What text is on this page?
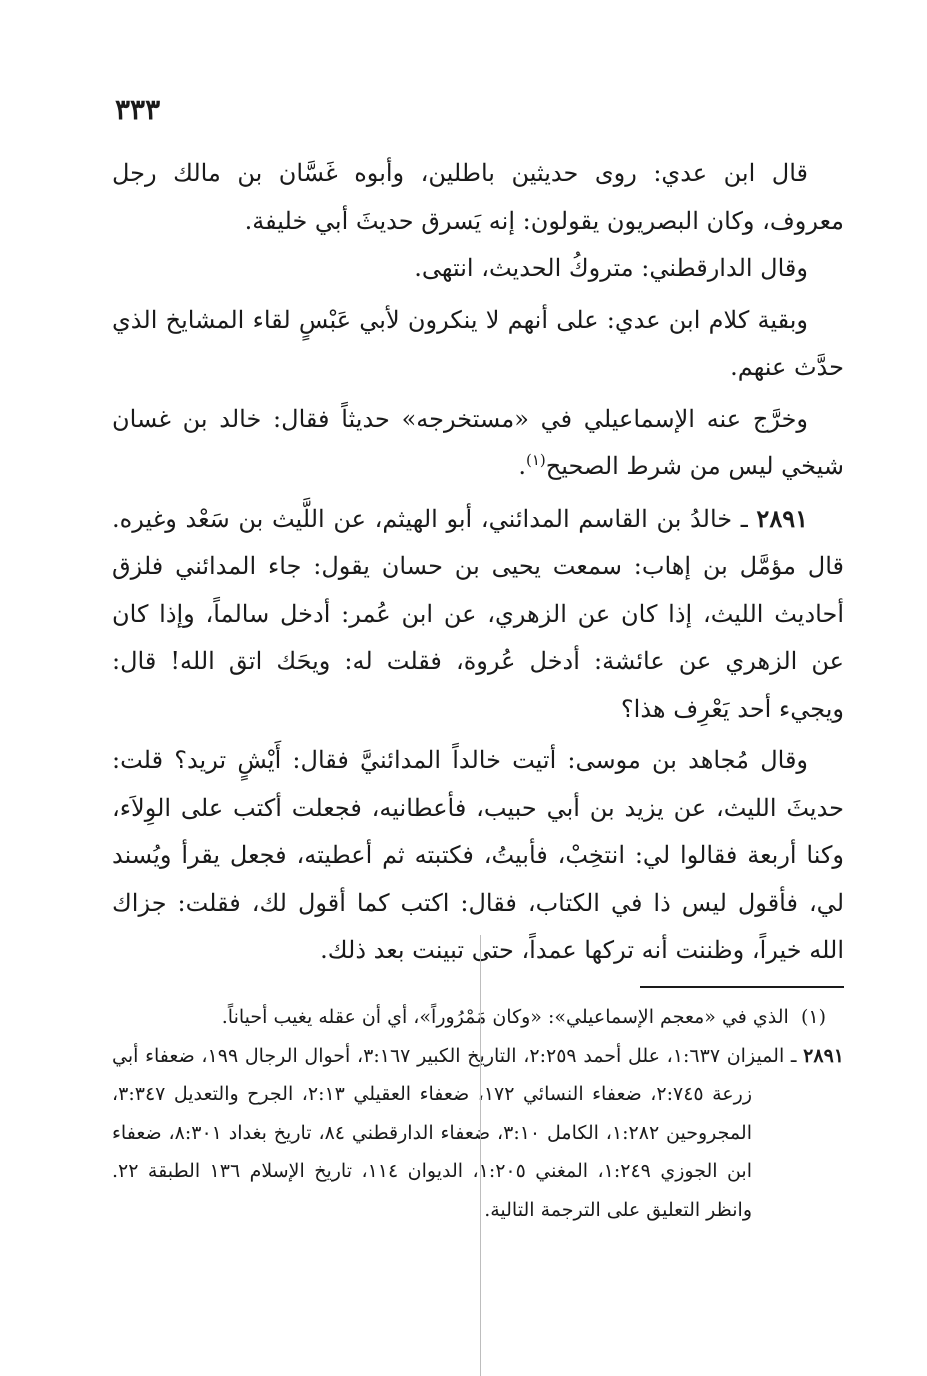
٣٣٣

قال ابن عدي: روى حديثين باطلين، وأبوه غَسَّان بن مالك رجل معروف، وكان البصريون يقولون: إنه يَسرق حديثَ أبي خليفة.

وقال الدارقطني: متروكُ الحديث، انتهى.

وبقية كلام ابن عدي: على أنهم لا ينكرون لأبي عَبْسٍ لقاء المشايخ الذي حدَّث عنهم.

وخرَّج عنه الإسماعيلي في «مستخرجه» حديثاً فقال: خالد بن غسان شيخي ليس من شرط الصحيح$^{(١)}$.

٢٨٩١ ـ خالدُ بن القاسم المدائني، أبو الهيثم، عن اللَّيث بن سَعْد وغيره. قال مؤمَّل بن إهاب: سمعت يحيى بن حسان يقول: جاء المدائني فلزق أحاديث الليث، إذا كان عن الزهري، عن ابن عُمر: أدخل سالماً، وإذا كان عن الزهري عن عائشة: أدخل عُروة، فقلت له: ويحَك اتق الله! قال: ويجيء أحد يَعْرِف هذا؟

وقال مُجاهد بن موسى: أتيت خالداً المدائنيَّ فقال: أَيْشٍ تريد؟ قلت: حديثَ الليث، عن يزيد بن أبي حبيب، فأعطانيه، فجعلت أكتب على الوِلاَء، وكنا أربعة فقالوا لي: انتخِبْ، فأبيتُ، فكتبته ثم أعطيته، فجعل يقرأ ويُسند لي، فأقول ليس ذا في الكتاب، فقال: اكتب كما أقول لك، فقلت: جزاك الله خيراً، وظننت أنه تركها عمداً، حتى تبينت بعد ذلك.

(١)  الذي في «معجم الإسماعيلي»: «وكان مَمْرُوراً»، أي أن عقله يغيب أحياناً.

٢٨٩١ ـ الميزان ١:٦٣٧، علل أحمد ٢:٢٥٩، التاريخ الكبير ٣:١٦٧، أحوال الرجال ١٩٩، ضعفاء أبي زرعة ٢:٧٤٥، ضعفاء النسائي ١٧٢، ضعفاء العقيلي ٢:١٣، الجرح والتعديل ٣:٣٤٧، المجروحين ١:٢٨٢، الكامل ٣:١٠، ضعفاء الدارقطني ٨٤، تاريخ بغداد ٨:٣٠١، ضعفاء ابن الجوزي ١:٢٤٩، المغني ١:٢٠٥، الديوان ١١٤، تاريخ الإسلام ١٣٦ الطبقة ٢٢. وانظر التعليق على الترجمة التالية.
